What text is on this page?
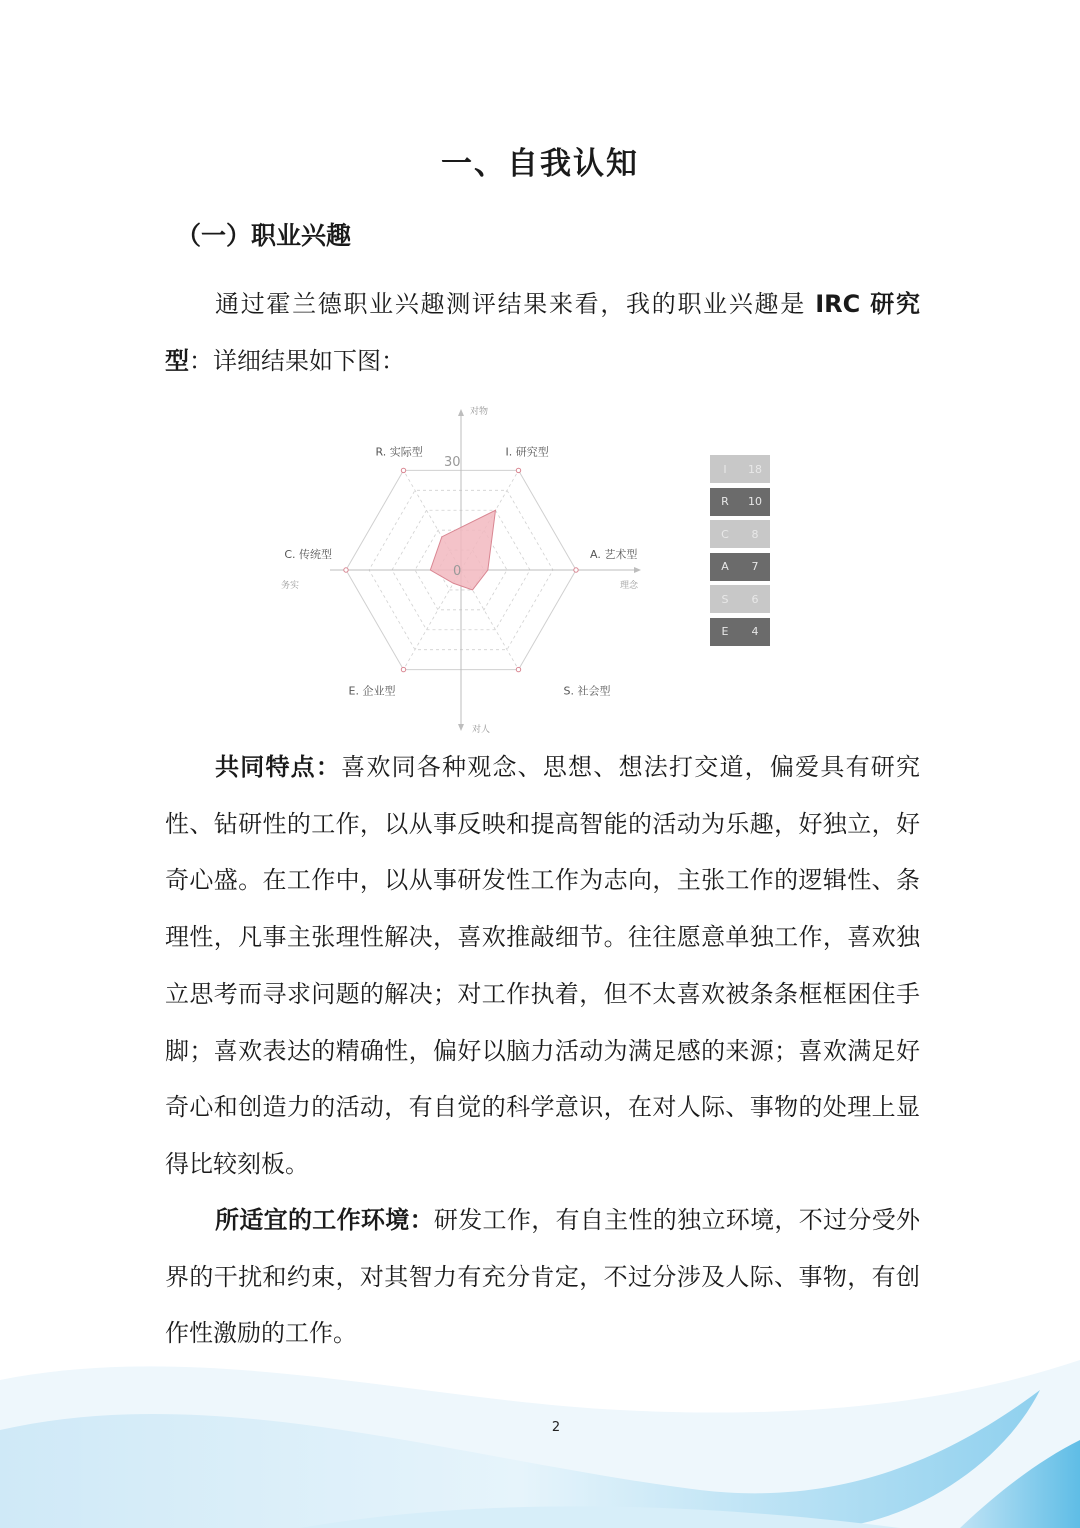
一、自我认知
（一）职业兴趣
通过霍兰德职业兴趣测评结果来看，我的职业兴趣是 IRC 研究型：详细结果如下图：
I. 研究型
A. 艺术型
S. 社会型
E. 企业型
C. 传统型
R. 实际型
30
0
对物
对人
务实	理念
I	18
R	10
C	8
A	7
S	6
E	4
共同特点：喜欢同各种观念、思想、想法打交道，偏爱具有研究性、钻研性的工作，以从事反映和提高智能的活动为乐趣，好独立，好奇心盛。在工作中，以从事研发性工作为志向，主张工作的逻辑性、条理性，凡事主张理性解决，喜欢推敲细节。往往愿意单独工作，喜欢独立思考而寻求问题的解决；对工作执着，但不太喜欢被条条框框困住手脚；喜欢表达的精确性，偏好以脑力活动为满足感的来源；喜欢满足好奇心和创造力的活动，有自觉的科学意识，在对人际、事物的处理上显得比较刻板。
所适宜的工作环境：研发工作，有自主性的独立环境，不过分受外界的干扰和约束，对其智力有充分肯定，不过分涉及人际、事物，有创作性激励的工作。
2
